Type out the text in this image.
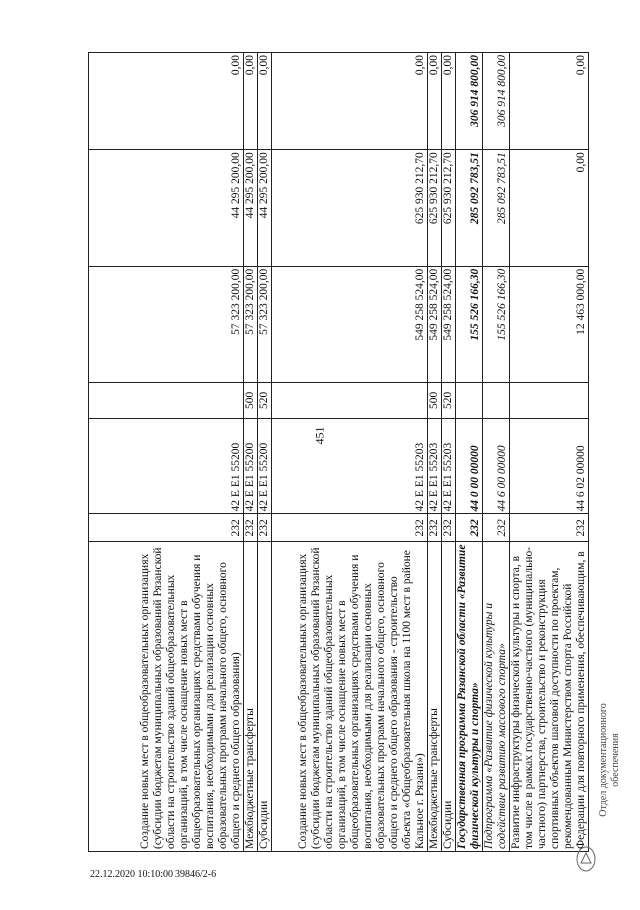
451
Создание новых мест в общеобразовательных организациях (субсидии бюджетам муниципальных образований Рязанской области на строительство зданий общеобразовательных организаций, в том числе оснащение новых мест в общеобразовательных организациях средствами обучения и воспитания, необходимыми для реализации основных образовательных программ начального общего, основного общего и среднего общего образования)	232	42 E E1 55200		57 323 200,00	44 295 200,00	0,00
Межбюджетные трансферты	232	42 E E1 55200	500	57 323 200,00	44 295 200,00	0,00
Субсидии	232	42 E E1 55200	520	57 323 200,00	44 295 200,00	0,00
Создание новых мест в общеобразовательных организациях (субсидии бюджетам муниципальных образований Рязанской области на строительство зданий общеобразовательных организаций, в том числе оснащение новых мест в общеобразовательных организациях средствами обучения и воспитания, необходимыми для реализации основных образовательных программ начального общего, основного общего и среднего общего образования - строительство объекта «Общеобразовательная школа на 1100 мест в районе Кальное г. Рязани»)	232	42 E E1 55203		549 258 524,00	625 930 212,70	0,00
Межбюджетные трансферты	232	42 E E1 55203	500	549 258 524,00	625 930 212,70	0,00
Субсидии	232	42 E E1 55203	520	549 258 524,00	625 930 212,70	0,00
Государственная программа Рязанской области «Развитие физической культуры и спорта»	232	44 0 00 00000		155 526 166,30	285 092 783,51	306 914 800,00
Подпрограмма «Развитие физической культуры и содействие развитию массового спорта»	232	44 6 00 00000		155 526 166,30	285 092 783,51	306 914 800,00
Развитие инфраструктуры физической культуры и спорта, в том числе в рамках государственно-частного (муниципально-частного) партнерства, строительство и реконструкция спортивных объектов шаговой доступности по проектам, рекомендованным Министерством спорта Российской Федерации для повторного применения, обеспечивающим, в	232	44 6 02 00000		12 463 000,00	0,00	0,00
Отдел документационного обеспечения
22.12.2020 10:10:00 39846/2-6
